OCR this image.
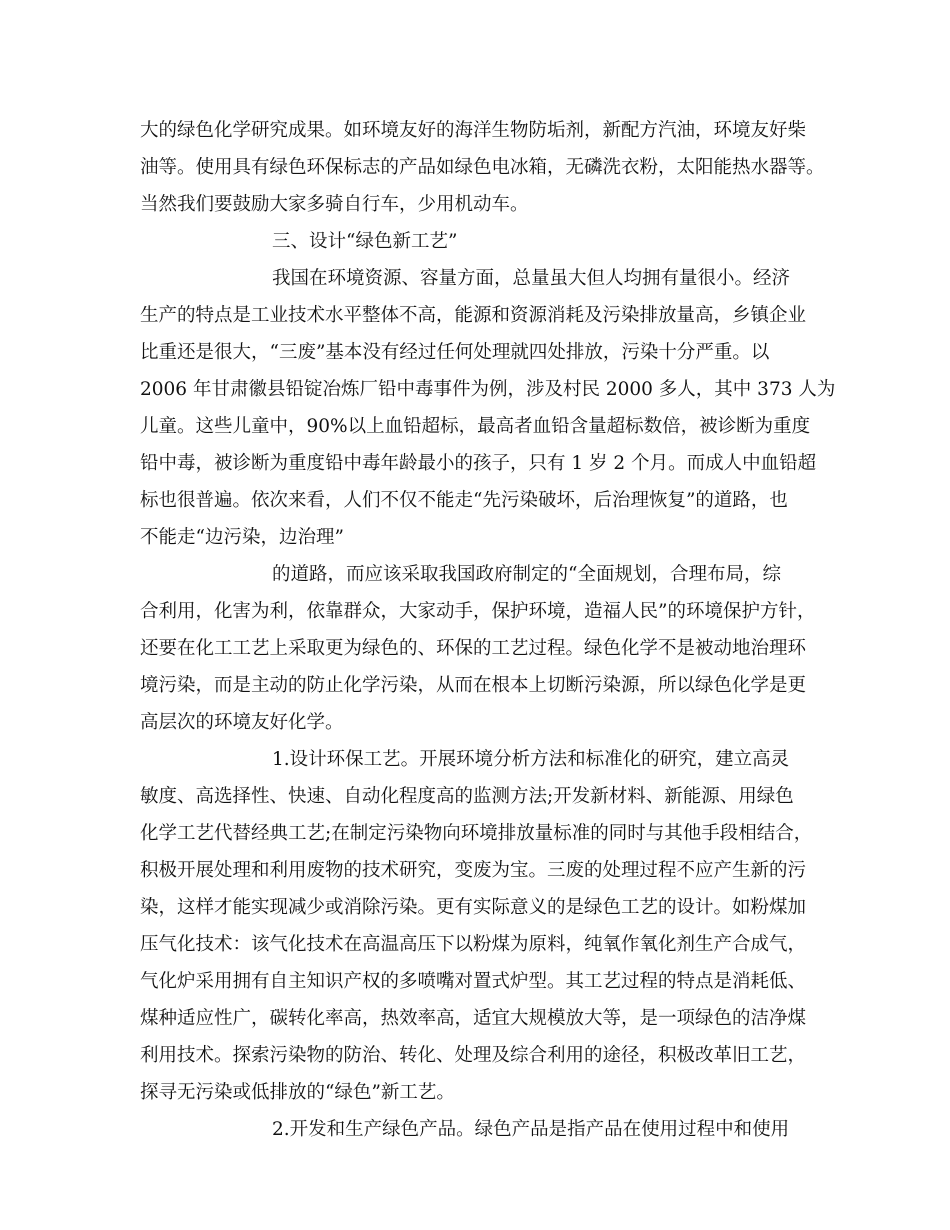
大的绿色化学研究成果。如环境友好的海洋生物防垢剂，新配方汽油，环境友好柴
油等。使用具有绿色环保标志的产品如绿色电冰箱，无磷洗衣粉，太阳能热水器等。
当然我们要鼓励大家多骑自行车，少用机动车。
三、设计“绿色新工艺”
我国在环境资源、容量方面，总量虽大但人均拥有量很小。经济
生产的特点是工业技术水平整体不高，能源和资源消耗及污染排放量高，乡镇企业
比重还是很大，“三废”基本没有经过任何处理就四处排放，污染十分严重。以
2006 年甘肃徽县铅锭冶炼厂铅中毒事件为例，涉及村民 2000 多人，其中 373 人为
儿童。这些儿童中，90%以上血铅超标，最高者血铅含量超标数倍，被诊断为重度
铅中毒，被诊断为重度铅中毒年龄最小的孩子，只有 1 岁 2 个月。而成人中血铅超
标也很普遍。依次来看，人们不仅不能走“先污染破坏，后治理恢复”的道路，也
不能走“边污染，边治理”
的道路，而应该采取我国政府制定的“全面规划，合理布局，综
合利用，化害为利，依靠群众，大家动手，保护环境，造福人民”的环境保护方针，
还要在化工工艺上采取更为绿色的、环保的工艺过程。绿色化学不是被动地治理环
境污染，而是主动的防止化学污染，从而在根本上切断污染源，所以绿色化学是更
高层次的环境友好化学。
1.设计环保工艺。开展环境分析方法和标准化的研究，建立高灵
敏度、高选择性、快速、自动化程度高的监测方法;开发新材料、新能源、用绿色
化学工艺代替经典工艺;在制定污染物向环境排放量标准的同时与其他手段相结合，
积极开展处理和利用废物的技术研究，变废为宝。三废的处理过程不应产生新的污
染，这样才能实现减少或消除污染。更有实际意义的是绿色工艺的设计。如粉煤加
压气化技术：该气化技术在高温高压下以粉煤为原料，纯氧作氧化剂生产合成气，
气化炉采用拥有自主知识产权的多喷嘴对置式炉型。其工艺过程的特点是消耗低、
煤种适应性广，碳转化率高，热效率高，适宜大规模放大等，是一项绿色的洁净煤
利用技术。探索污染物的防治、转化、处理及综合利用的途径，积极改革旧工艺，
探寻无污染或低排放的“绿色”新工艺。
2.开发和生产绿色产品。绿色产品是指产品在使用过程中和使用
